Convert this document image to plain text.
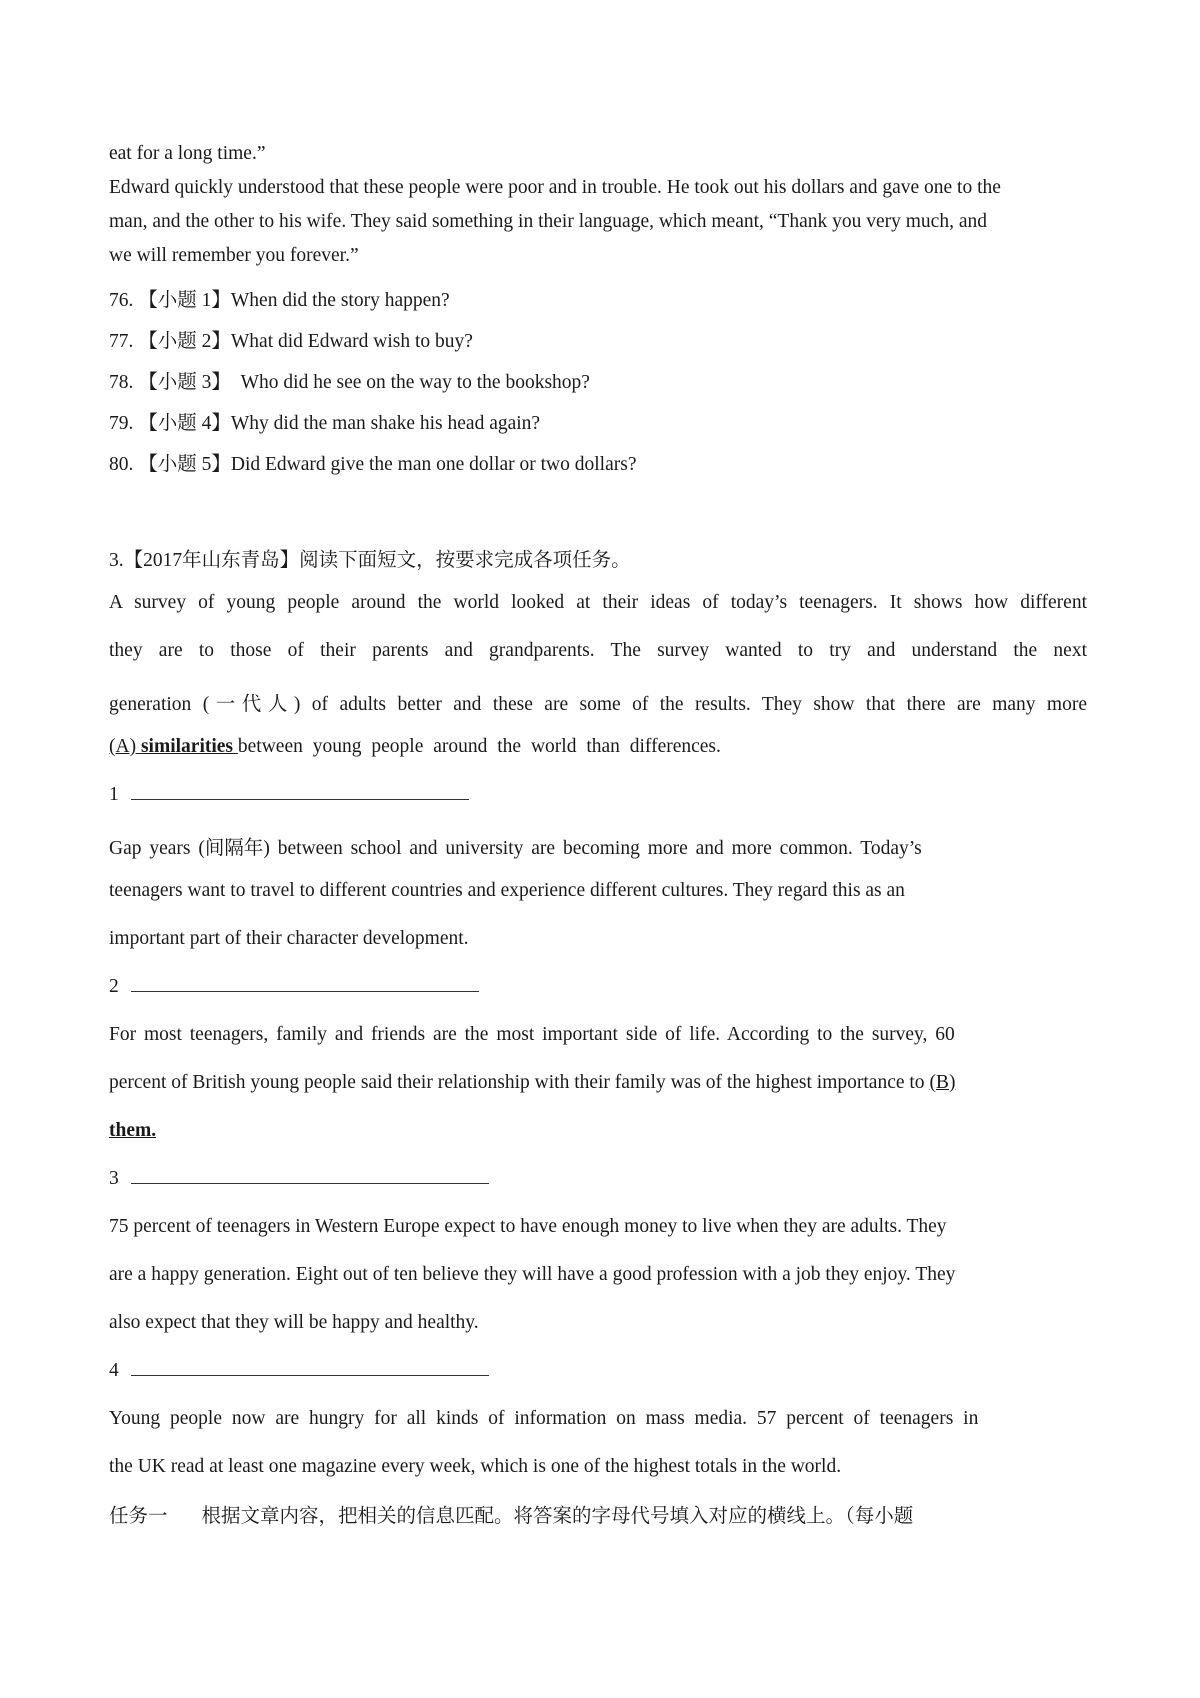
eat for a long time.”
Edward quickly understood that these people were poor and in trouble. He took out his dollars and gave one to the
man, and the other to his wife. They said something in their language, which meant, “Thank you very much, and
we will remember you forever.”
76. 【小题 1】When did the story happen?
77. 【小题 2】What did Edward wish to buy?
78. 【小题 3】 Who did he see on the way to the bookshop?
79. 【小题 4】Why did the man shake his head again?
80. 【小题 5】Did Edward give the man one dollar or two dollars?
3.【2017年山东青岛】阅读下面短文，按要求完成各项任务。
A survey of young people around the world looked at their ideas of today’s teenagers. It shows how different
they are to those of their parents and grandparents. The survey wanted to try and understand the next
generation (一代人) of adults better and these are some of the results. They show that there are many more
(A) similarities between young people around the world than differences.
1
Gap years (间隔年) between school and university are becoming more and more common. Today’s
teenagers want to travel to different countries and experience different cultures. They regard this as an
important part of their character development.
2
For most teenagers, family and friends are the most important side of life. According to the survey, 60
percent of British young people said their relationship with their family was of the highest importance to (B)
them.
3
75 percent of teenagers in Western Europe expect to have enough money to live when they are adults. They
are a happy generation. Eight out of ten believe they will have a good profession with a job they enjoy. They
also expect that they will be happy and healthy.
4
Young people now are hungry for all kinds of information on mass media. 57 percent of teenagers in
the UK read at least one magazine every week, which is one of the highest totals in the world.
任务一 根据文章内容，把相关的信息匹配。将答案的字母代号填入对应的横线上。（每小题
